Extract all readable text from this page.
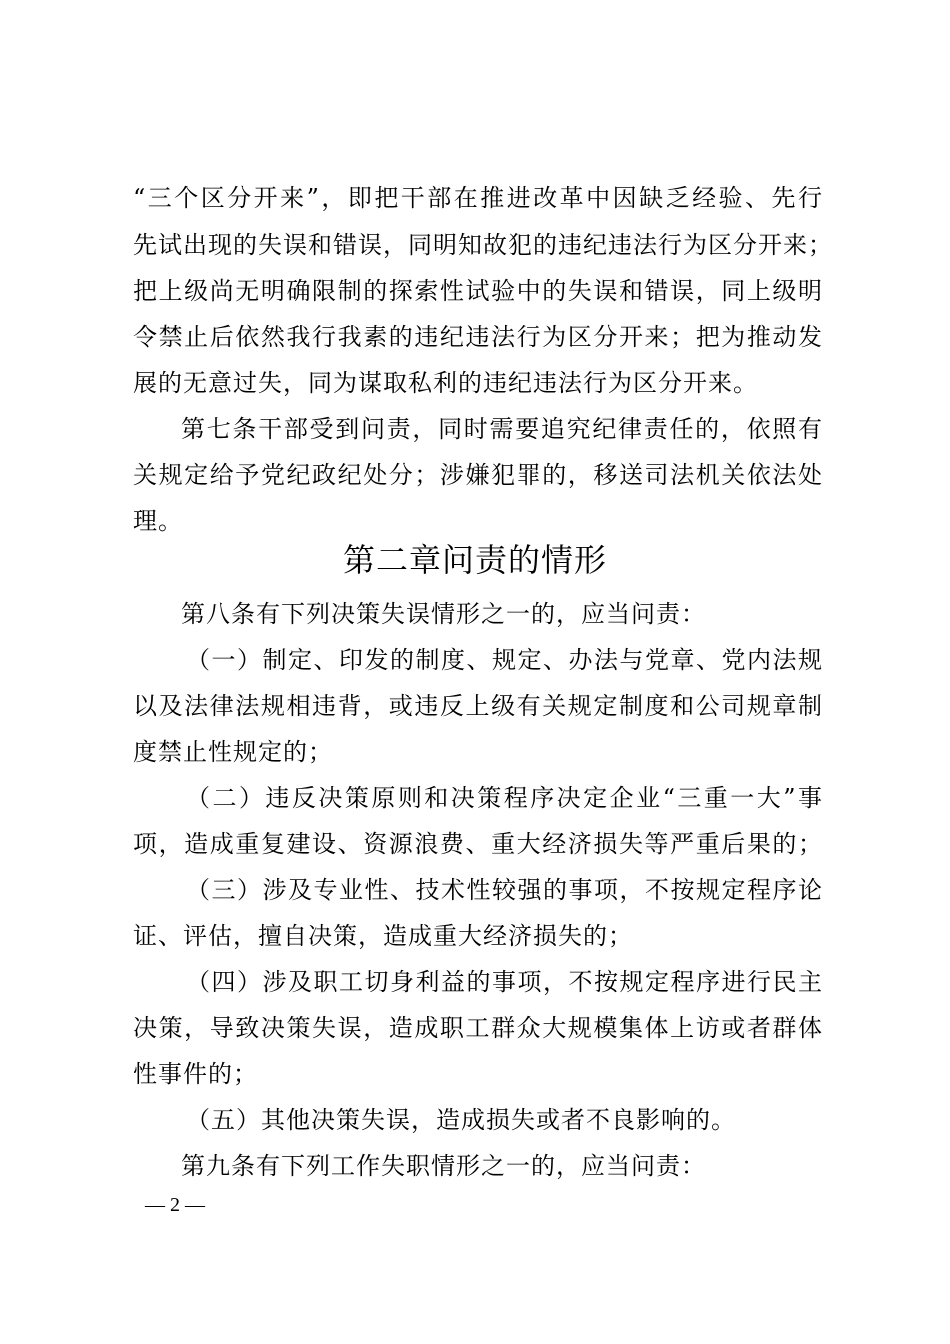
“三个区分开来”，即把干部在推进改革中因缺乏经验、先行
先试出现的失误和错误，同明知故犯的违纪违法行为区分开来；
把上级尚无明确限制的探索性试验中的失误和错误，同上级明
令禁止后依然我行我素的违纪违法行为区分开来；把为推动发
展的无意过失，同为谋取私利的违纪违法行为区分开来。
第七条干部受到问责，同时需要追究纪律责任的，依照有
关规定给予党纪政纪处分；涉嫌犯罪的，移送司法机关依法处
理。
第二章问责的情形
第八条有下列决策失误情形之一的，应当问责：
（一）制定、印发的制度、规定、办法与党章、党内法规
以及法律法规相违背，或违反上级有关规定制度和公司规章制
度禁止性规定的；
（二）违反决策原则和决策程序决定企业“三重一大”事
项，造成重复建设、资源浪费、重大经济损失等严重后果的；
（三）涉及专业性、技术性较强的事项，不按规定程序论
证、评估，擅自决策，造成重大经济损失的；
（四）涉及职工切身利益的事项，不按规定程序进行民主
决策，导致决策失误，造成职工群众大规模集体上访或者群体
性事件的；
（五）其他决策失误，造成损失或者不良影响的。
第九条有下列工作失职情形之一的，应当问责：
— 2 —
